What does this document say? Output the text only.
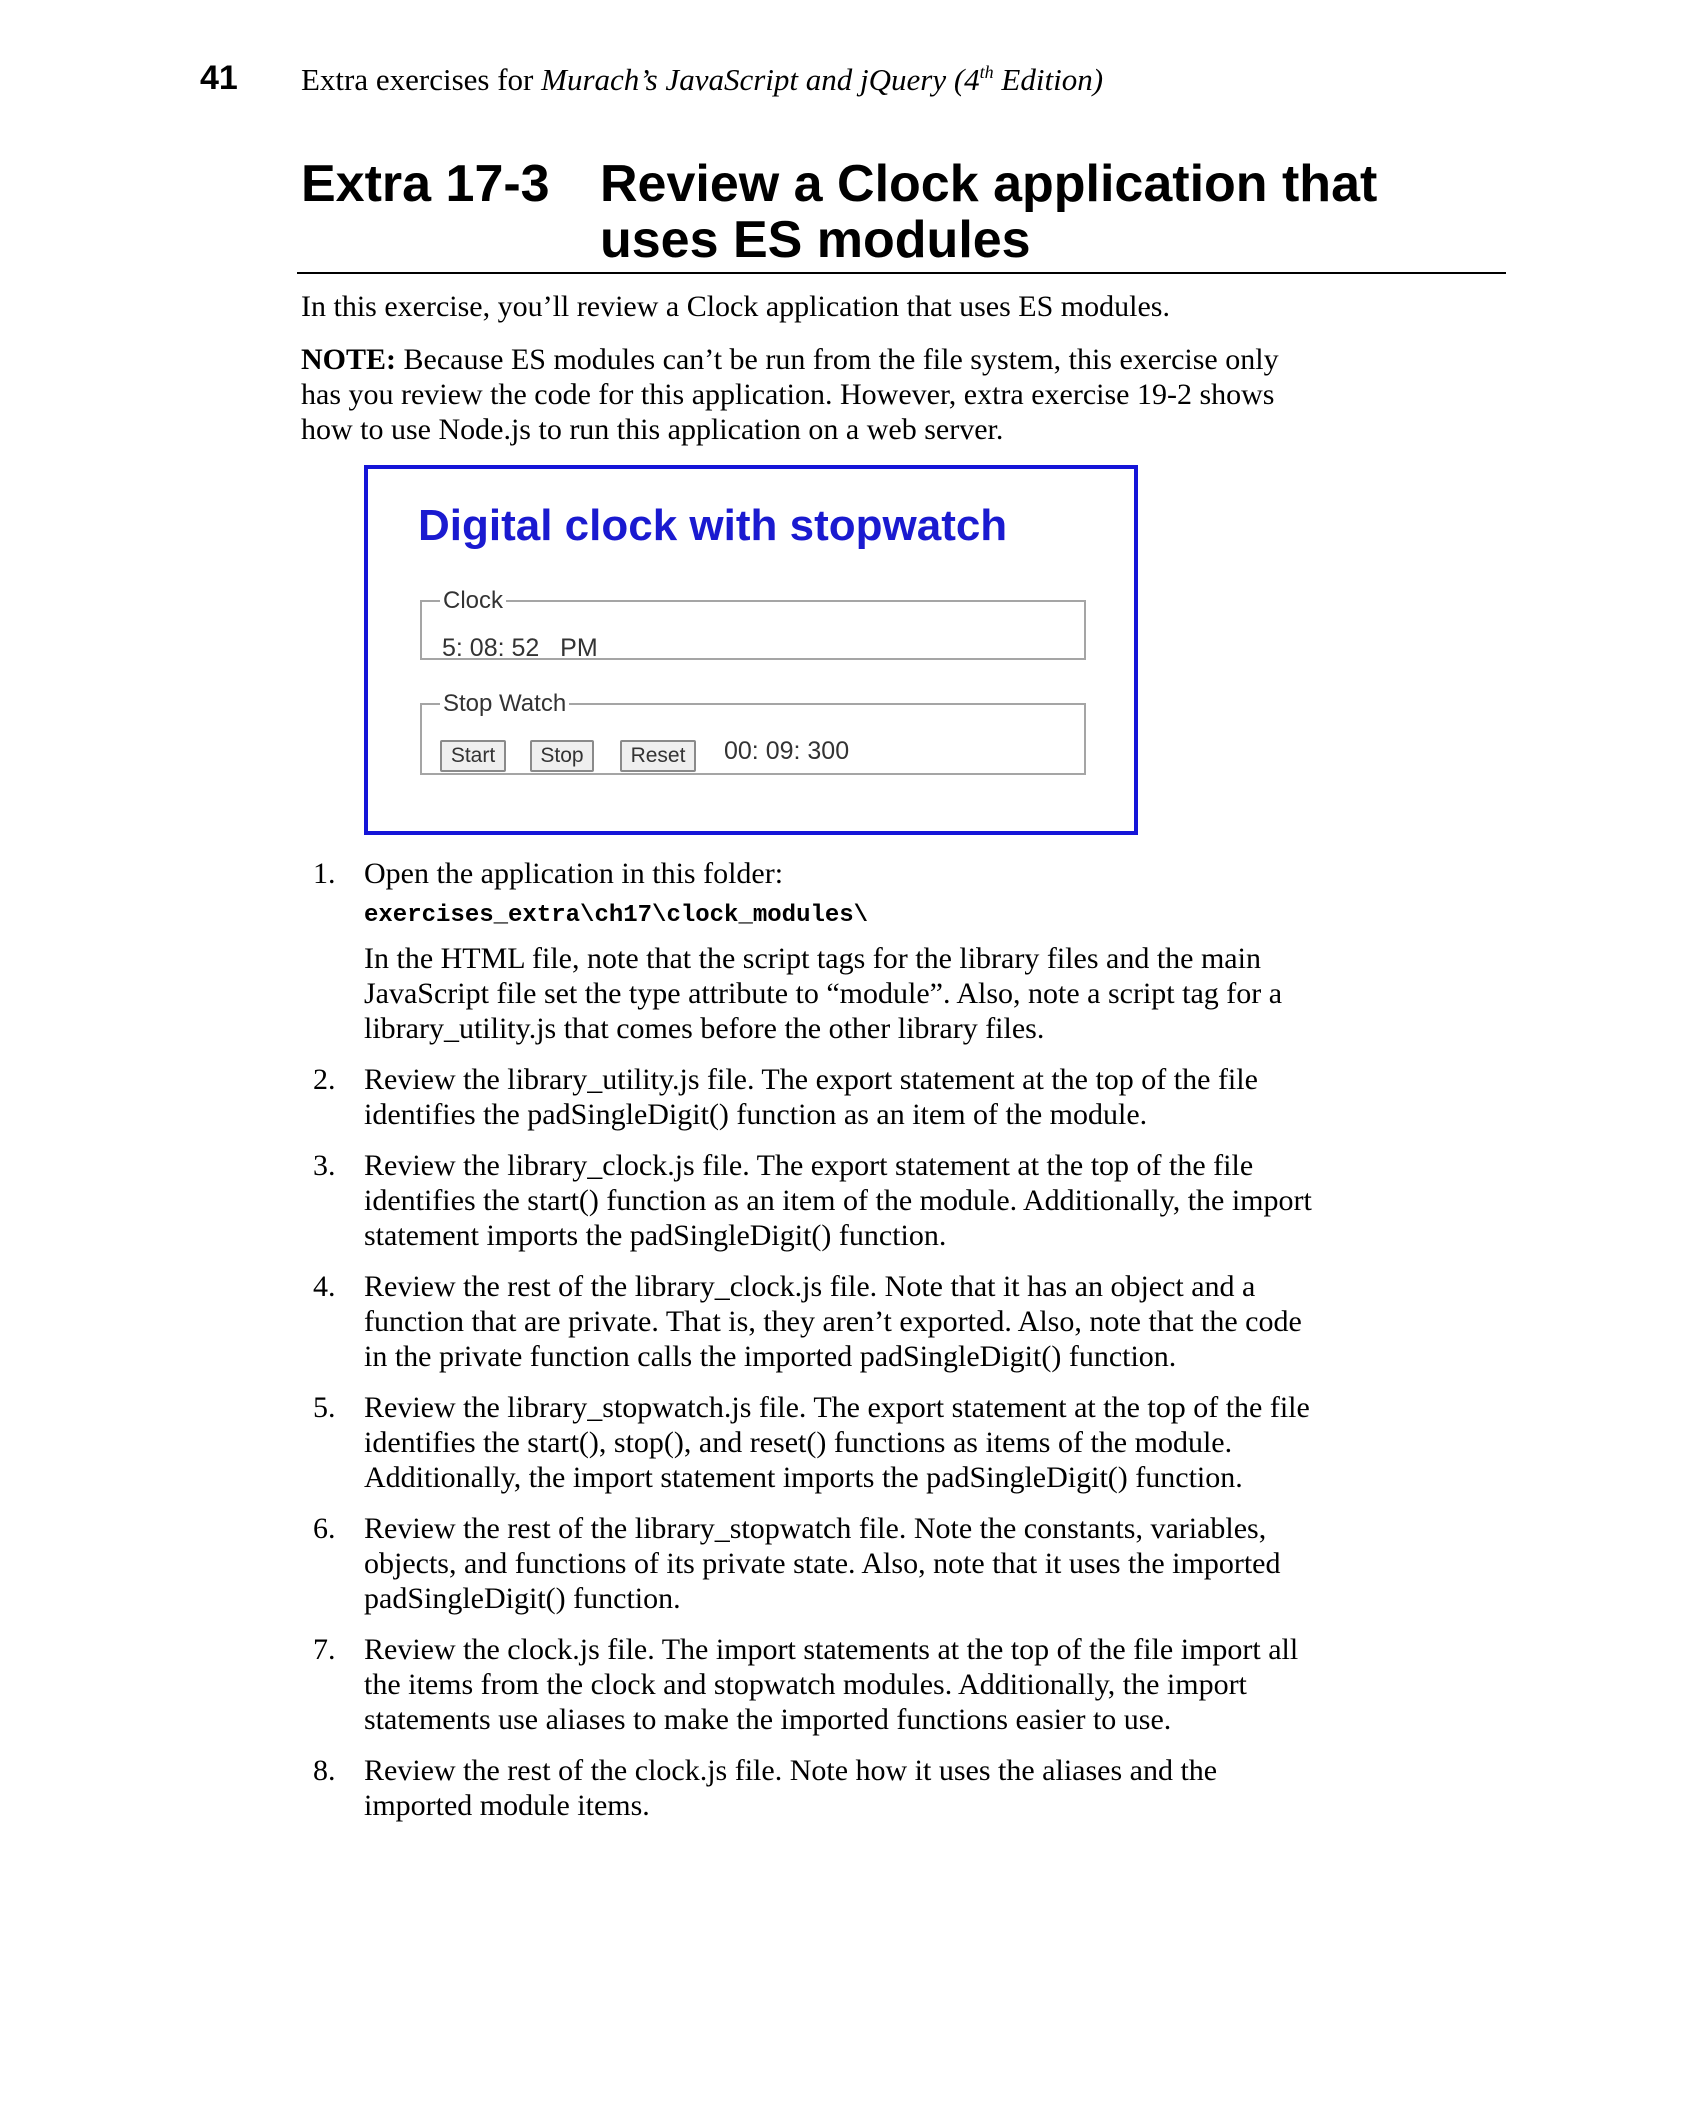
41 Extra exercises for Murach’s JavaScript and jQuery (4th Edition)
Extra 17-3 Review a Clock application that uses ES modules
In this exercise, you’ll review a Clock application that uses ES modules.
NOTE: Because ES modules can’t be run from the file system, this exercise only has you review the code for this application. However, extra exercise 19-2 shows how to use Node.js to run this application on a web server.
Digital clock with stopwatch
Clock
5: 08: 52   PM
Stop Watch
Start	Stop	Reset	00: 09: 300
1. Open the application in this folder:
exercises_extra\ch17\clock_modules\
In the HTML file, note that the script tags for the library files and the main JavaScript file set the type attribute to “module”. Also, note a script tag for a library_utility.js that comes before the other library files.
2. Review the library_utility.js file. The export statement at the top of the file identifies the padSingleDigit() function as an item of the module.
3. Review the library_clock.js file. The export statement at the top of the file identifies the start() function as an item of the module. Additionally, the import statement imports the padSingleDigit() function.
4. Review the rest of the library_clock.js file. Note that it has an object and a function that are private. That is, they aren’t exported. Also, note that the code in the private function calls the imported padSingleDigit() function.
5. Review the library_stopwatch.js file. The export statement at the top of the file identifies the start(), stop(), and reset() functions as items of the module. Additionally, the import statement imports the padSingleDigit() function.
6. Review the rest of the library_stopwatch file. Note the constants, variables, objects, and functions of its private state. Also, note that it uses the imported padSingleDigit() function.
7. Review the clock.js file. The import statements at the top of the file import all the items from the clock and stopwatch modules. Additionally, the import statements use aliases to make the imported functions easier to use.
8. Review the rest of the clock.js file. Note how it uses the aliases and the imported module items.
